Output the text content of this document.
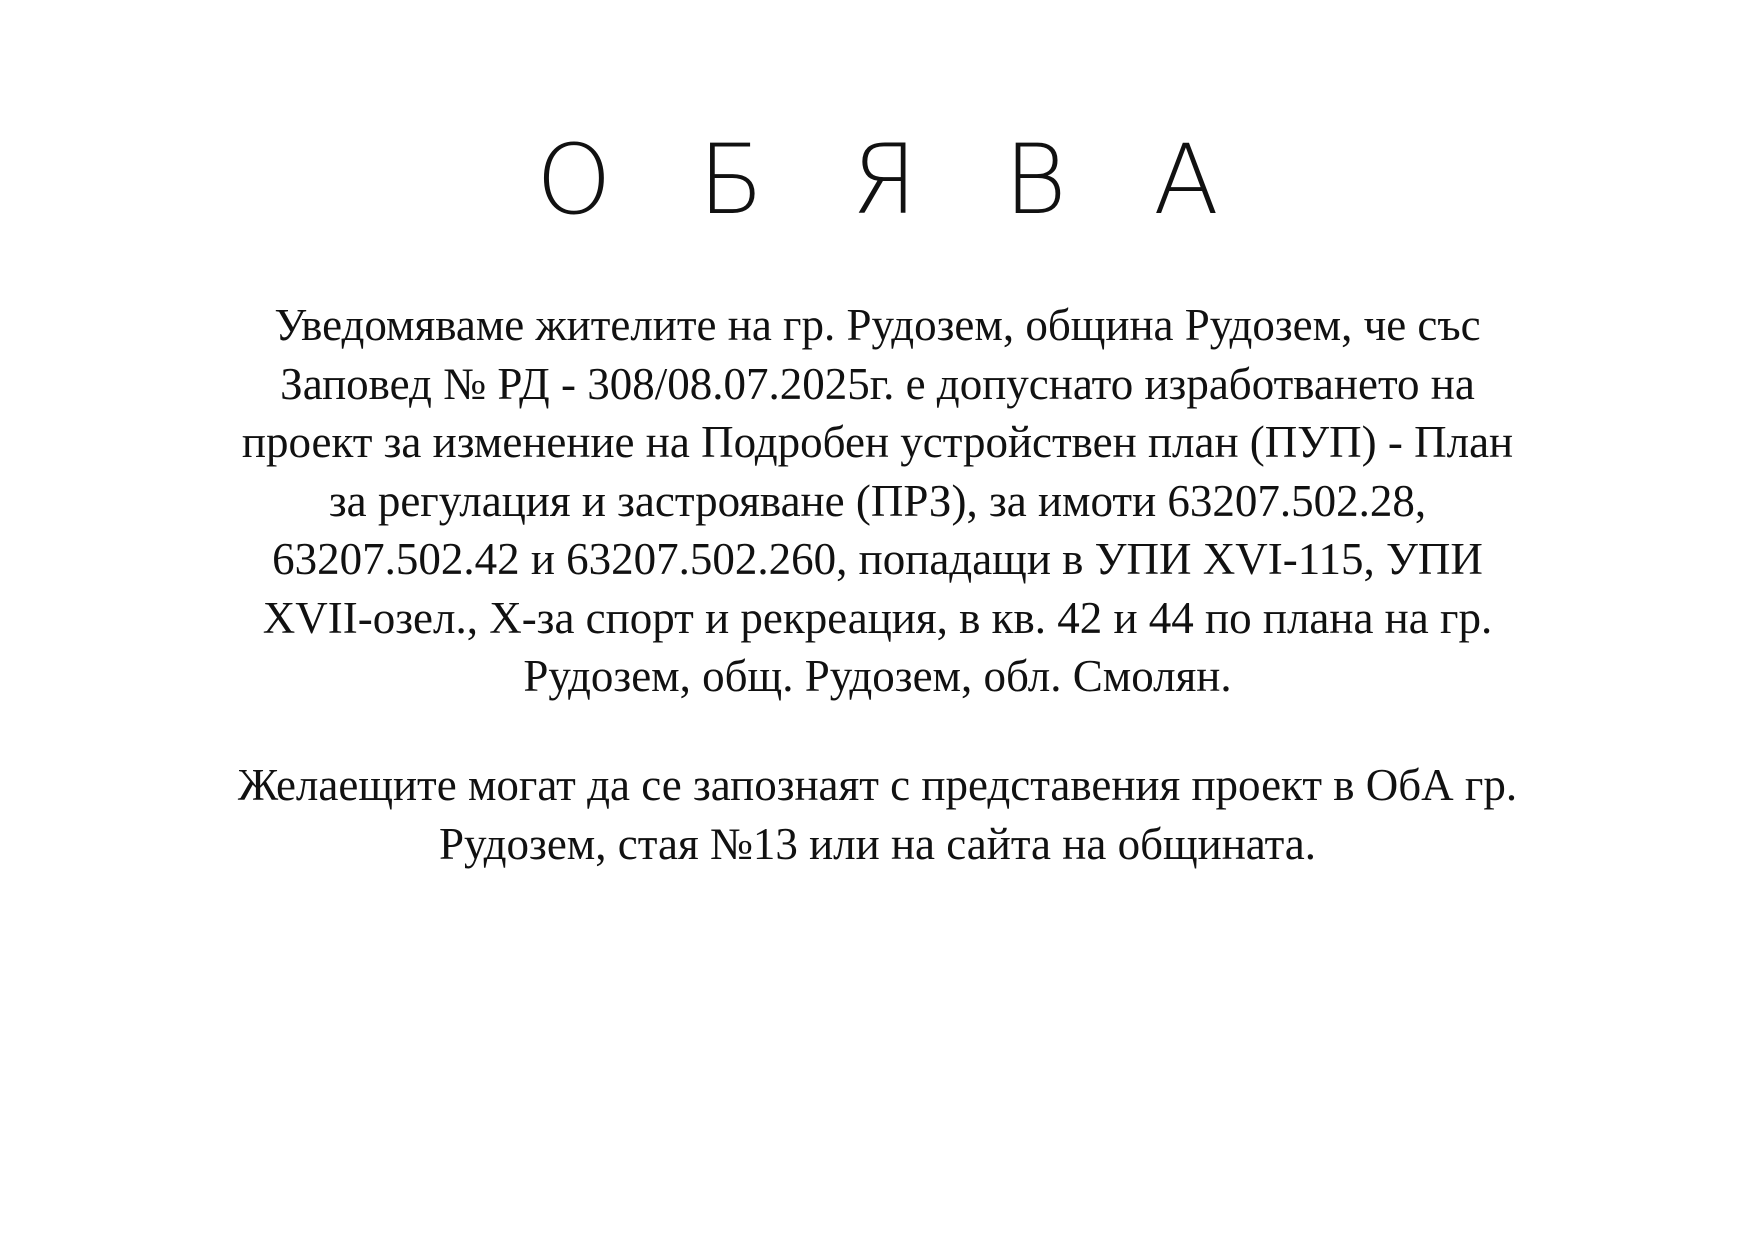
О Б Я В А
Уведомяваме жителите на гр. Рудозем, община Рудозем, че със
Заповед № РД - 308/08.07.2025г. е допуснато изработването на
проект за изменение на Подробен устройствен план (ПУП) - План
за регулация и застрояване (ПРЗ), за имоти 63207.502.28,
63207.502.42 и 63207.502.260, попадащи в УПИ XVI-115, УПИ
XVII-озел., Х-за спорт и рекреация, в кв. 42 и 44 по плана на гр.
Рудозем, общ. Рудозем, обл. Смолян.
Желаещите могат да се запознаят с представения проект в ОбА гр.
Рудозем, стая №13 или на сайта на общината.
